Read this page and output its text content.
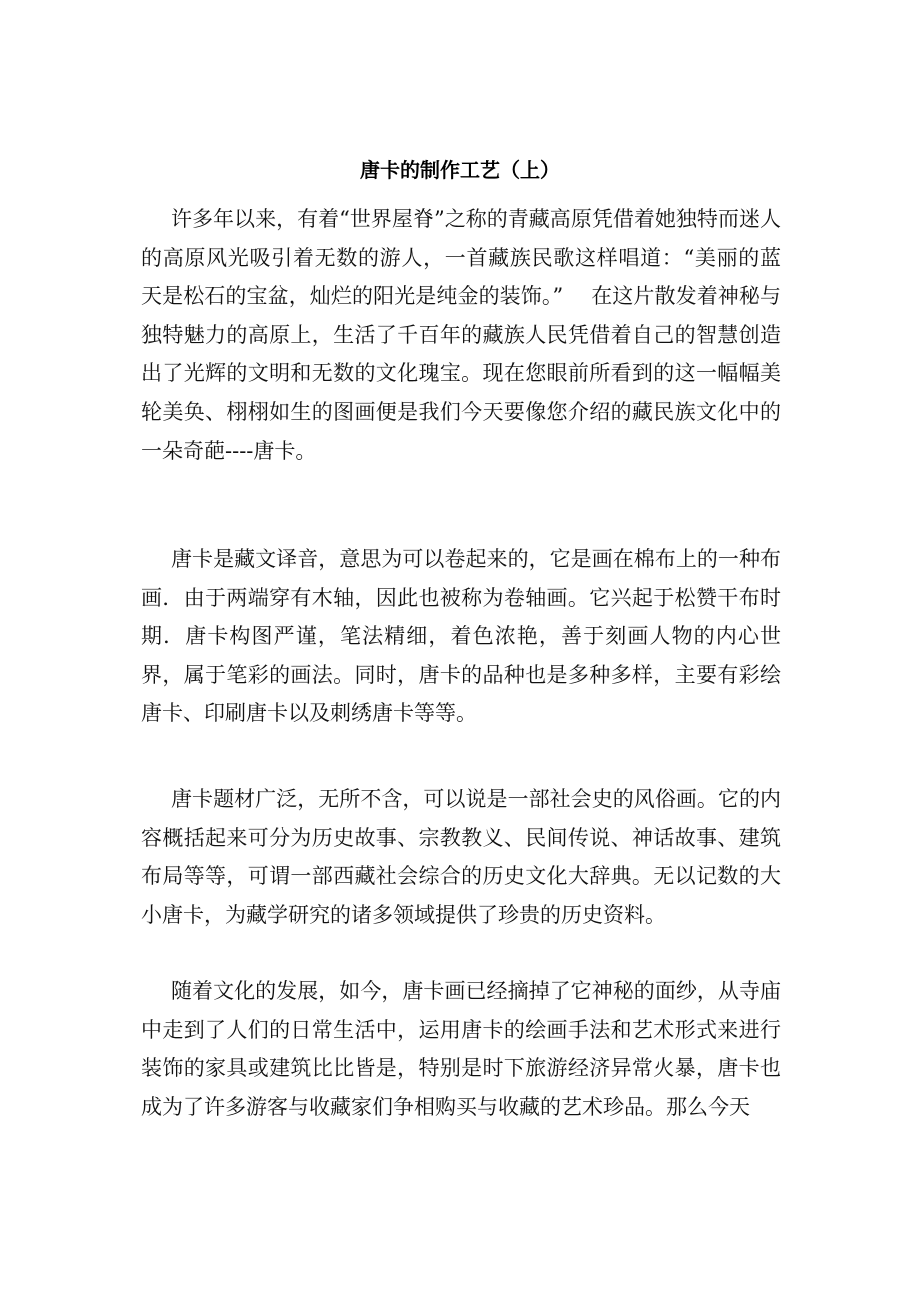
唐卡的制作工艺（上）

许多年以来，有着“世界屋脊”之称的青藏高原凭借着她独特而迷人的高原风光吸引着无数的游人，一首藏族民歌这样唱道：“美丽的蓝天是松石的宝盆，灿烂的阳光是纯金的装饰。”　 在这片散发着神秘与独特魅力的高原上，生活了千百年的藏族人民凭借着自己的智慧创造出了光辉的文明和无数的文化瑰宝。现在您眼前所看到的这一幅幅美轮美奂、栩栩如生的图画便是我们今天要像您介绍的藏民族文化中的一朵奇葩----唐卡。

唐卡是藏文译音，意思为可以卷起来的，它是画在棉布上的一种布画．由于两端穿有木轴，因此也被称为卷轴画。它兴起于松赞干布时期．唐卡构图严谨，笔法精细，着色浓艳，善于刻画人物的内心世界，属于笔彩的画法。同时，唐卡的品种也是多种多样，主要有彩绘唐卡、印刷唐卡以及刺绣唐卡等等。

唐卡题材广泛，无所不含，可以说是一部社会史的风俗画。它的内容概括起来可分为历史故事、宗教教义、民间传说、神话故事、建筑布局等等，可谓一部西藏社会综合的历史文化大辞典。无以记数的大小唐卡，为藏学研究的诸多领域提供了珍贵的历史资料。

随着文化的发展，如今，唐卡画已经摘掉了它神秘的面纱，从寺庙中走到了人们的日常生活中，运用唐卡的绘画手法和艺术形式来进行装饰的家具或建筑比比皆是，特别是时下旅游经济异常火暴，唐卡也成为了许多游客与收藏家们争相购买与收藏的艺术珍品。那么今天
